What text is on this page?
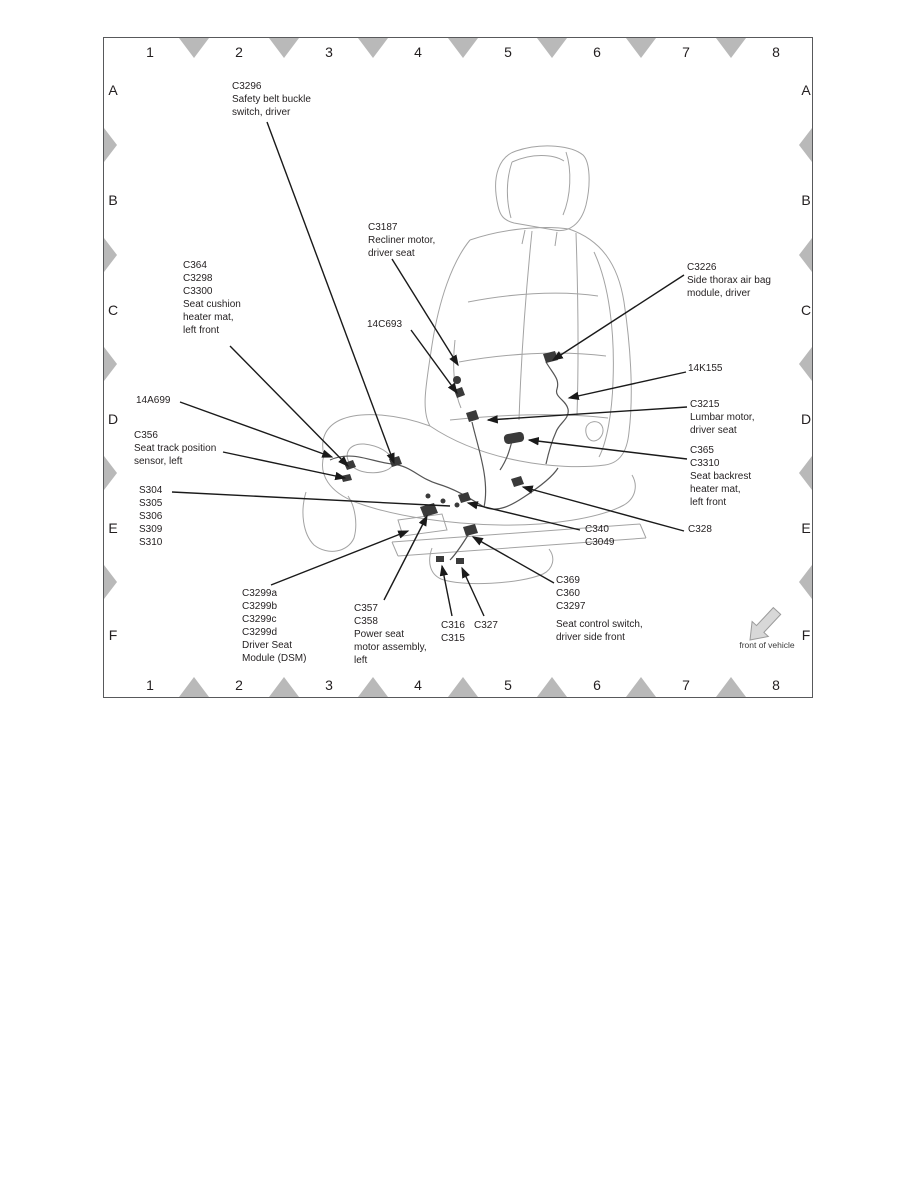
1	2	3	4	5	6	7	8
1	2	3	4	5	6	7	8
A
B
C
D
E
F
A
B
C
D
E
F
C3296
Safety belt buckle
switch, driver
C3187
Recliner motor,
driver seat
C364
C3298
C3300
Seat cushion
heater mat,
left front
14C693
C3226
Side thorax air bag
module, driver
14K155
C3215
Lumbar motor,
driver seat
C365
C3310
Seat backrest
heater mat,
left front
14A699
C356
Seat track position
sensor, left
S304
S305
S306
S309
S310
C340
C3049
C328
C3299a
C3299b
C3299c
C3299d
Driver Seat
Module (DSM)
C357
C358
Power seat
motor assembly,
left
C316
C315
C327
C369
C360
C3297
Seat control switch,
driver side front
front of vehicle
